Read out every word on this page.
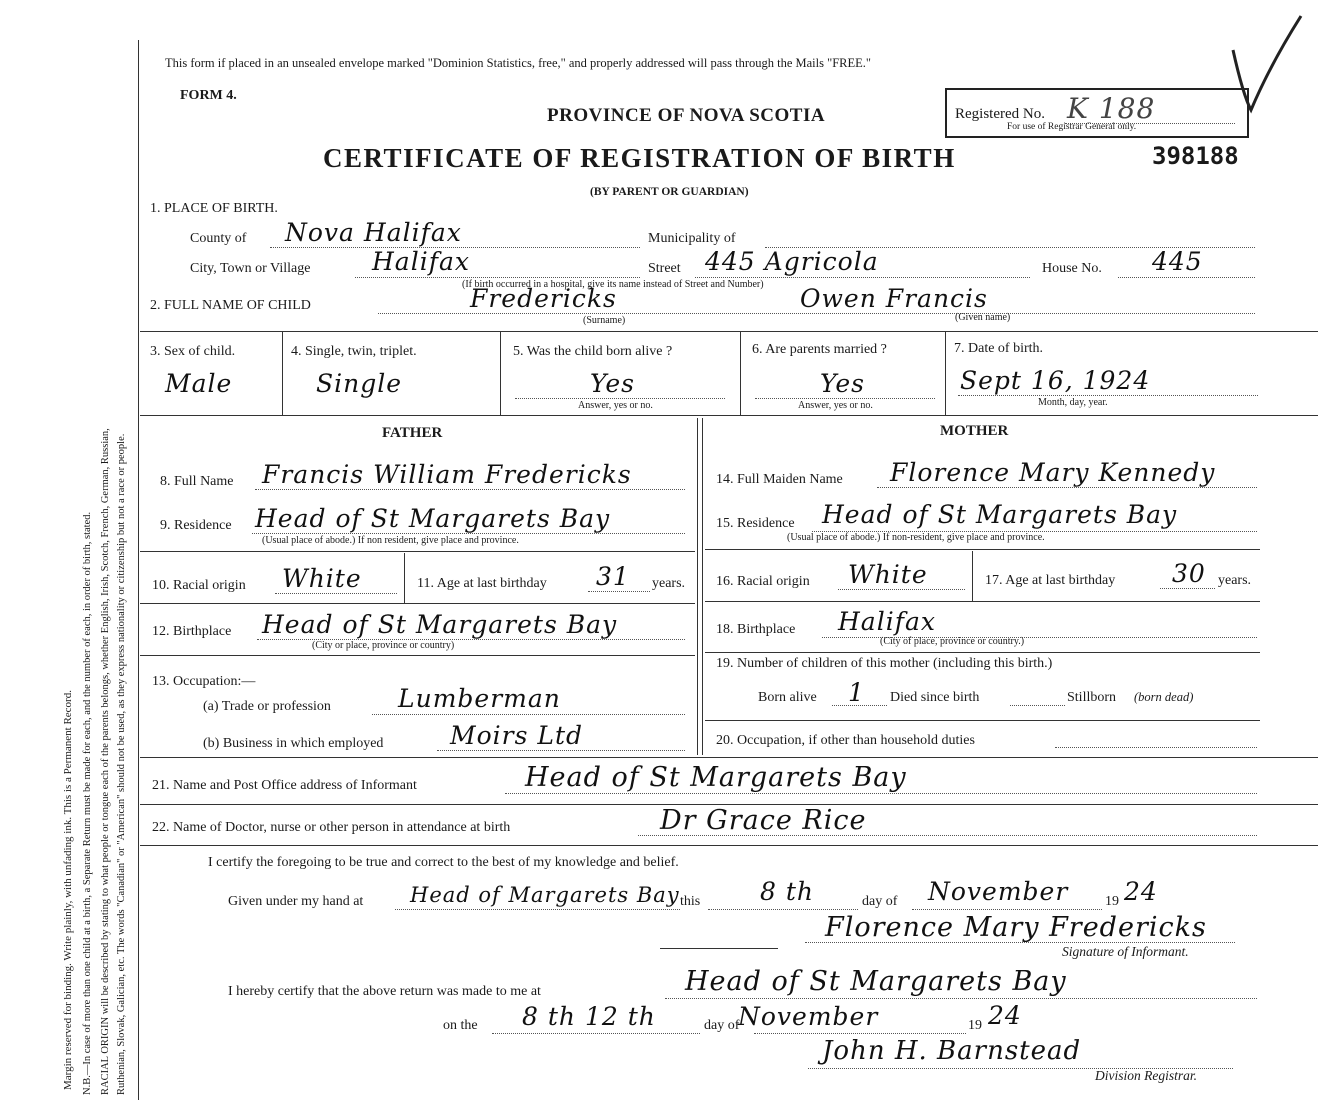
Margin reserved for binding. Write plainly, with unfading ink. This is a Permanent Record. N.B.—In case of more than one child at a birth, a Separate Return must be made for each, and the number of each, in order of birth, stated. RACIAL ORIGIN will be described by stating to what people or tongue each of the parents belongs, whether English, Irish, Scotch, French, German, Russian, Ruthenian, Slovak, Galician, etc. The words "Canadian" or "American" should not be used, as they express nationality or citizenship but not a race or people.
This form if placed in an unsealed envelope marked "Dominion Statistics, free," and properly addressed will pass through the Mails "FREE."
FORM 4.
PROVINCE OF NOVA SCOTIA
CERTIFICATE OF REGISTRATION OF BIRTH
(BY PARENT OR GUARDIAN)
Registered No. K 188
For use of Registrar General only.
398188
1. PLACE OF BIRTH.
County of Nova Halifax	Municipality of
City, Town or Village Halifax	Street 445 Agricola	House No. 445
(If birth occurred in a hospital, give its name instead of Street and Number)
2. FULL NAME OF CHILD	Fredericks	Owen Francis
(Surname)	(Given name)
3. Sex of child.
Male
4. Single, twin, triplet.
Single
5. Was the child born alive ?
Yes
Answer, yes or no.
6. Are parents married ?
Yes
Answer, yes or no.
7. Date of birth.
Sept 16, 1924
Month, day, year.
FATHER	MOTHER
8. Full Name Francis William Fredericks
9. Residence Head of St Margarets Bay
(Usual place of abode.) If non resident, give place and province.
10. Racial origin White	11. Age at last birthday 31 years.
12. Birthplace Head of St Margarets Bay
(City or place, province or country)
13. Occupation:—
(a) Trade or profession	Lumberman
(b) Business in which employed	Moirs Ltd
14. Full Maiden Name Florence Mary Kennedy
15. Residence Head of St Margarets Bay
(Usual place of abode.) If non-resident, give place and province.
16. Racial origin White	17. Age at last birthday 30 years.
18. Birthplace Halifax
(City of place, province or country.)
19. Number of children of this mother (including this birth.)
Born alive 1 Died since birth	Stillborn (born dead)
20. Occupation, if other than household duties
21. Name and Post Office address of Informant	Head of St Margarets Bay
22. Name of Doctor, nurse or other person in attendance at birth	Dr Grace Rice
I certify the foregoing to be true and correct to the best of my knowledge and belief.
Given under my hand at Head of Margarets Bay this 8 th	day of November	19 24
Florence Mary Fredericks
Signature of Informant.
I hereby certify that the above return was made to me at	Head of St Margarets Bay
on the 8 th 12 th	day of
November	19 24
John H. Barnstead
Division Registrar.
